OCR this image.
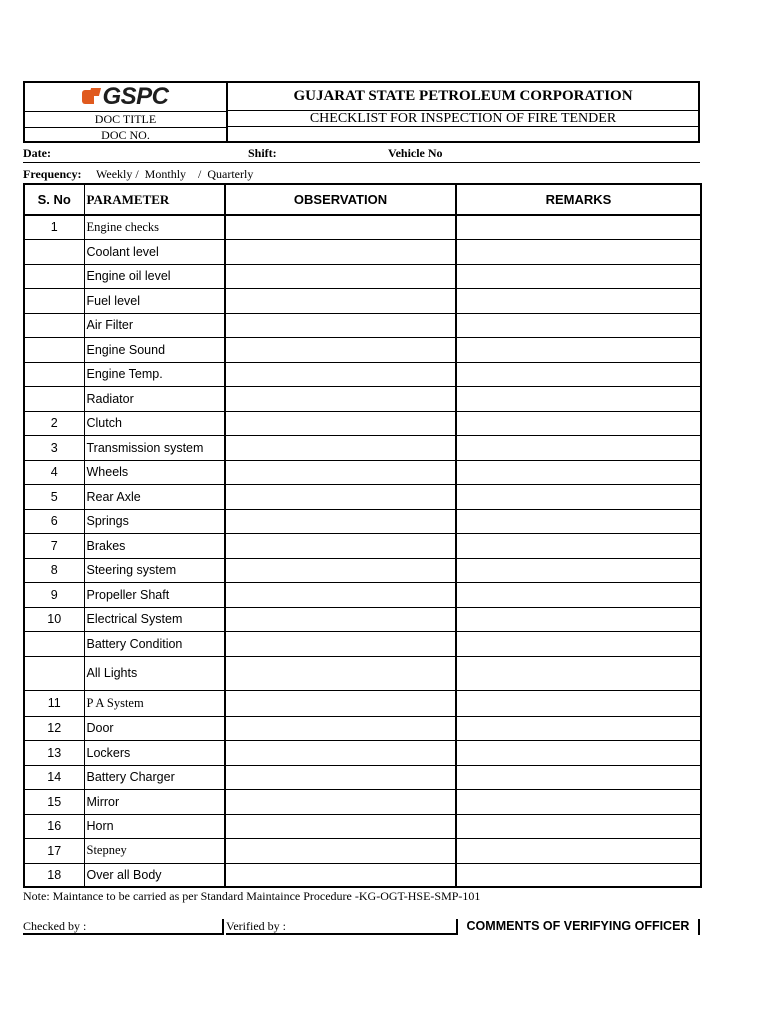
GSPC
DOC TITLE
DOC NO.
GUJARAT STATE PETROLEUM CORPORATION
CHECKLIST FOR INSPECTION OF FIRE TENDER
Date:	Shift:	Vehicle No
Frequency: Weekly /  Monthly    /  Quarterly
S. No	PARAMETER	OBSERVATION	REMARKS
1	Engine checks		
	Coolant level		
	Engine oil level		
	Fuel level		
	Air Filter		
	Engine Sound		
	Engine Temp.		
	Radiator		
2	Clutch		
3	Transmission system		
4	Wheels		
5	Rear Axle		
6	Springs		
7	Brakes		
8	Steering system		
9	Propeller Shaft		
10	Electrical System		
	Battery Condition		
	All Lights		
11	P A System		
12	Door		
13	Lockers		
14	Battery Charger		
15	Mirror		
16	Horn		
17	Stepney		
18	Over all Body		
Note: Maintance to be carried as per Standard Maintaince Procedure -KG-OGT-HSE-SMP-101
Checked by :	Verified by :	COMMENTS OF VERIFYING OFFICER
